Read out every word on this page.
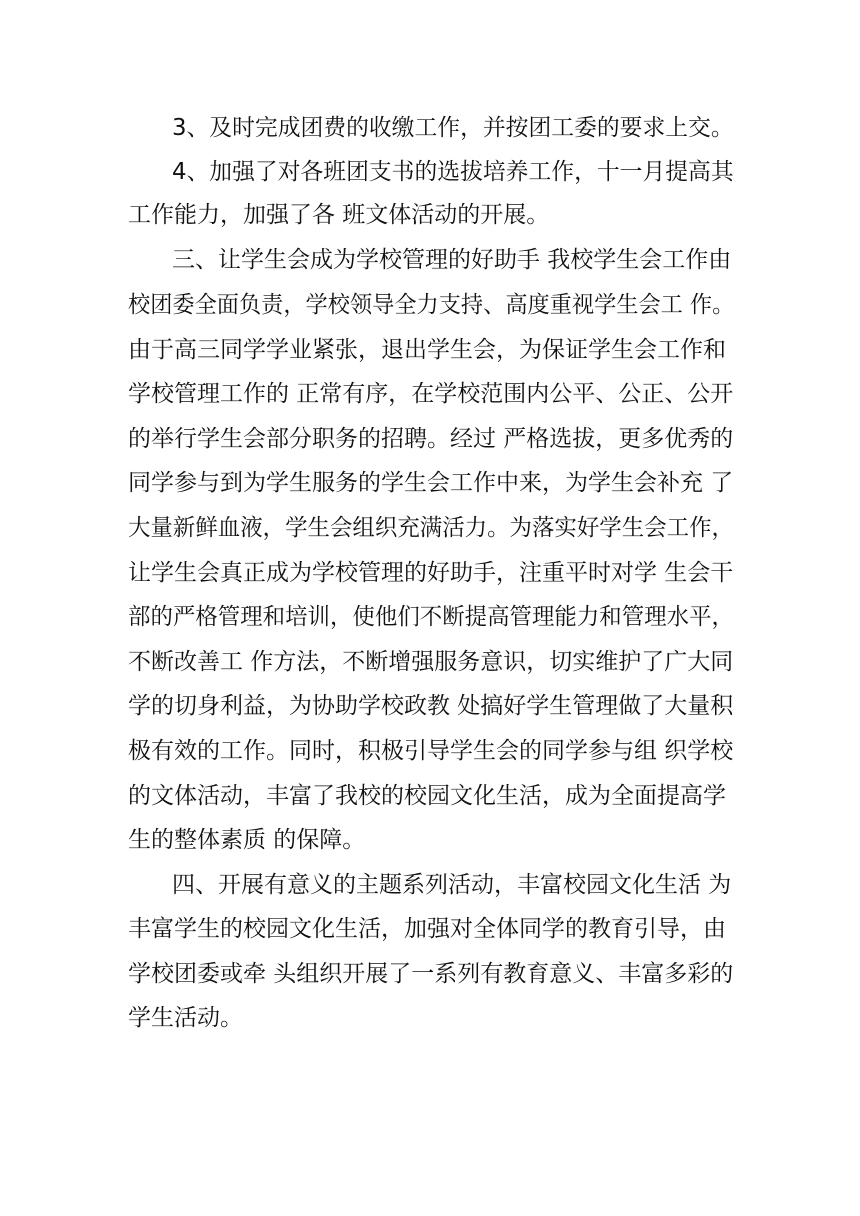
3、及时完成团费的收缴工作，并按团工委的要求上交。
4、加强了对各班团支书的选拔培养工作，十一月提高其
工作能力，加强了各 班文体活动的开展。
三、让学生会成为学校管理的好助手 我校学生会工作由
校团委全面负责，学校领导全力支持、高度重视学生会工 作。
由于高三同学学业紧张，退出学生会，为保证学生会工作和
学校管理工作的 正常有序，在学校范围内公平、公正、公开
的举行学生会部分职务的招聘。经过 严格选拔，更多优秀的
同学参与到为学生服务的学生会工作中来，为学生会补充 了
大量新鲜血液，学生会组织充满活力。为落实好学生会工作，
让学生会真正成为学校管理的好助手，注重平时对学 生会干
部的严格管理和培训，使他们不断提高管理能力和管理水平，
不断改善工 作方法，不断增强服务意识，切实维护了广大同
学的切身利益，为协助学校政教 处搞好学生管理做了大量积
极有效的工作。同时，积极引导学生会的同学参与组 织学校
的文体活动，丰富了我校的校园文化生活，成为全面提高学
生的整体素质 的保障。
四、开展有意义的主题系列活动，丰富校园文化生活 为
丰富学生的校园文化生活，加强对全体同学的教育引导，由
学校团委或牵 头组织开展了一系列有教育意义、丰富多彩的
学生活动。
